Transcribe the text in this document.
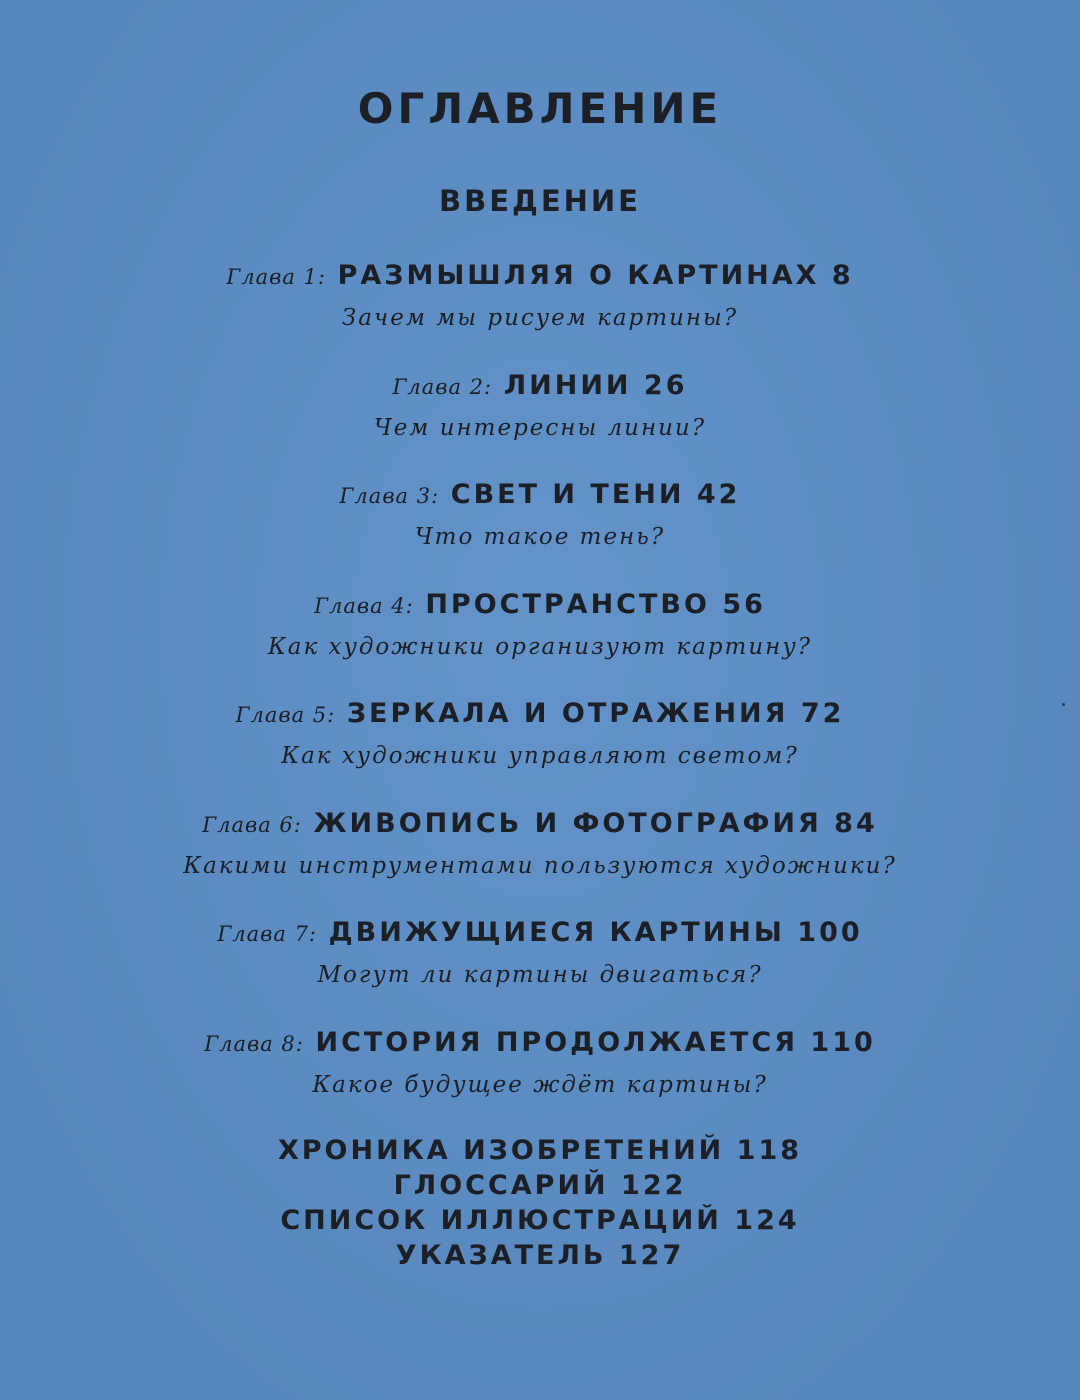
ОГЛАВЛЕНИЕ
ВВЕДЕНИЕ
Глава 1: РАЗМЫШЛЯЯ О КАРТИНАХ 8
Зачем мы рисуем картины?
Глава 2: ЛИНИИ 26
Чем интересны линии?
Глава 3: СВЕТ И ТЕНИ 42
Что такое тень?
Глава 4: ПРОСТРАНСТВО 56
Как художники организуют картину?
Глава 5: ЗЕРКАЛА И ОТРАЖЕНИЯ 72
Как художники управляют светом?
Глава 6: ЖИВОПИСЬ И ФОТОГРАФИЯ 84
Какими инструментами пользуются художники?
Глава 7: ДВИЖУЩИЕСЯ КАРТИНЫ 100
Могут ли картины двигаться?
Глава 8: ИСТОРИЯ ПРОДОЛЖАЕТСЯ 110
Какое будущее ждёт картины?
ХРОНИКА ИЗОБРЕТЕНИЙ 118
ГЛОССАРИЙ 122
СПИСОК ИЛЛЮСТРАЦИЙ 124
УКАЗАТЕЛЬ 127
